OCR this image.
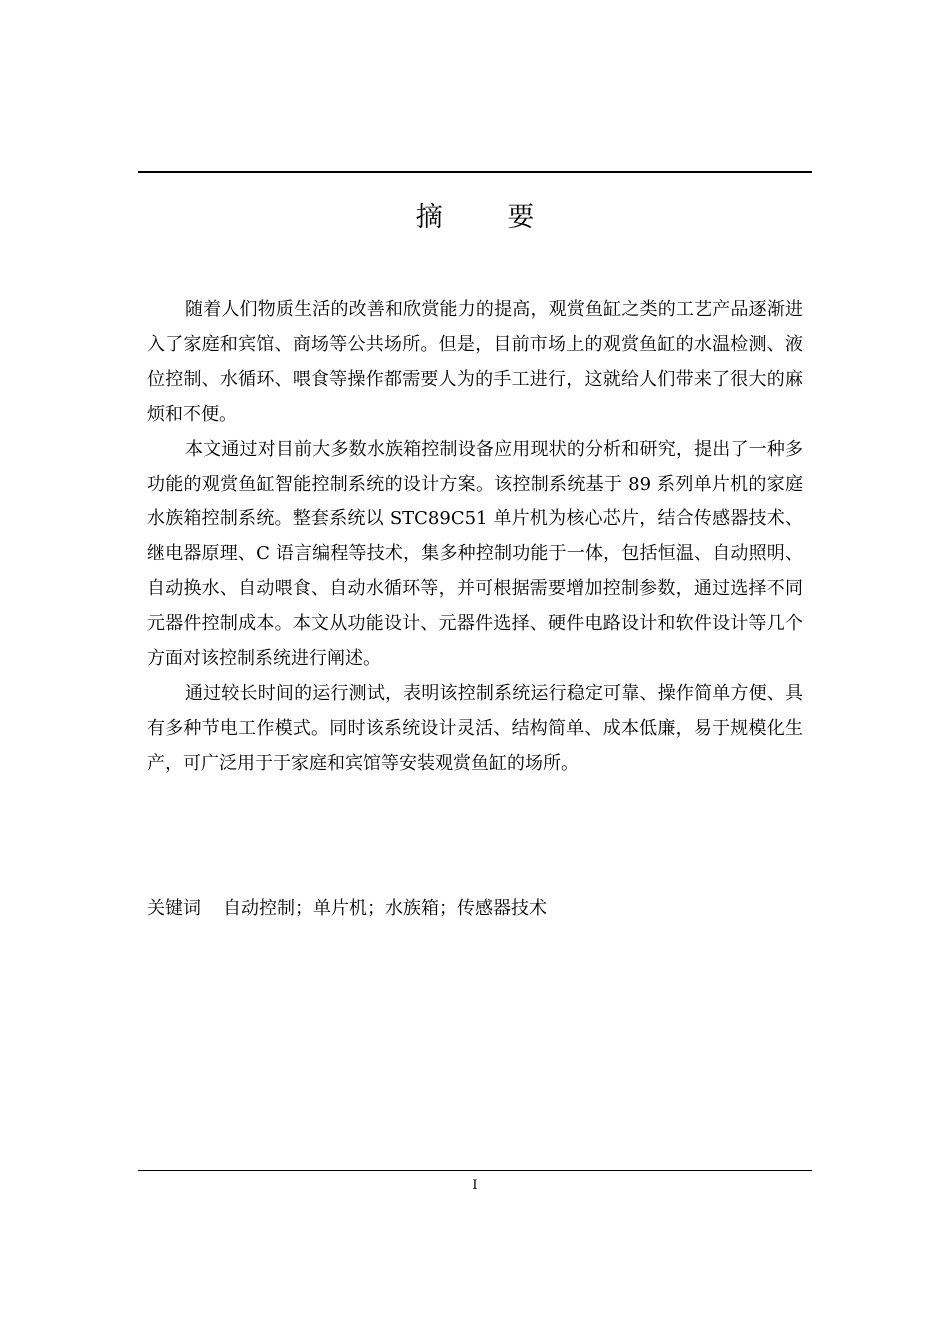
摘 要

随着人们物质生活的改善和欣赏能力的提高，观赏鱼缸之类的工艺产品逐渐进入了家庭和宾馆、商场等公共场所。但是，目前市场上的观赏鱼缸的水温检测、液位控制、水循环、喂食等操作都需要人为的手工进行，这就给人们带来了很大的麻烦和不便。

本文通过对目前大多数水族箱控制设备应用现状的分析和研究，提出了一种多功能的观赏鱼缸智能控制系统的设计方案。该控制系统基于 89 系列单片机的家庭水族箱控制系统。整套系统以 STC89C51 单片机为核心芯片，结合传感器技术、继电器原理、C 语言编程等技术，集多种控制功能于一体，包括恒温、自动照明、自动换水、自动喂食、自动水循环等，并可根据需要增加控制参数，通过选择不同元器件控制成本。本文从功能设计、元器件选择、硬件电路设计和软件设计等几个方面对该控制系统进行阐述。

通过较长时间的运行测试，表明该控制系统运行稳定可靠、操作简单方便、具有多种节电工作模式。同时该系统设计灵活、结构简单、成本低廉，易于规模化生产，可广泛用于于家庭和宾馆等安装观赏鱼缸的场所。

关键词 自动控制；单片机；水族箱；传感器技术
I
